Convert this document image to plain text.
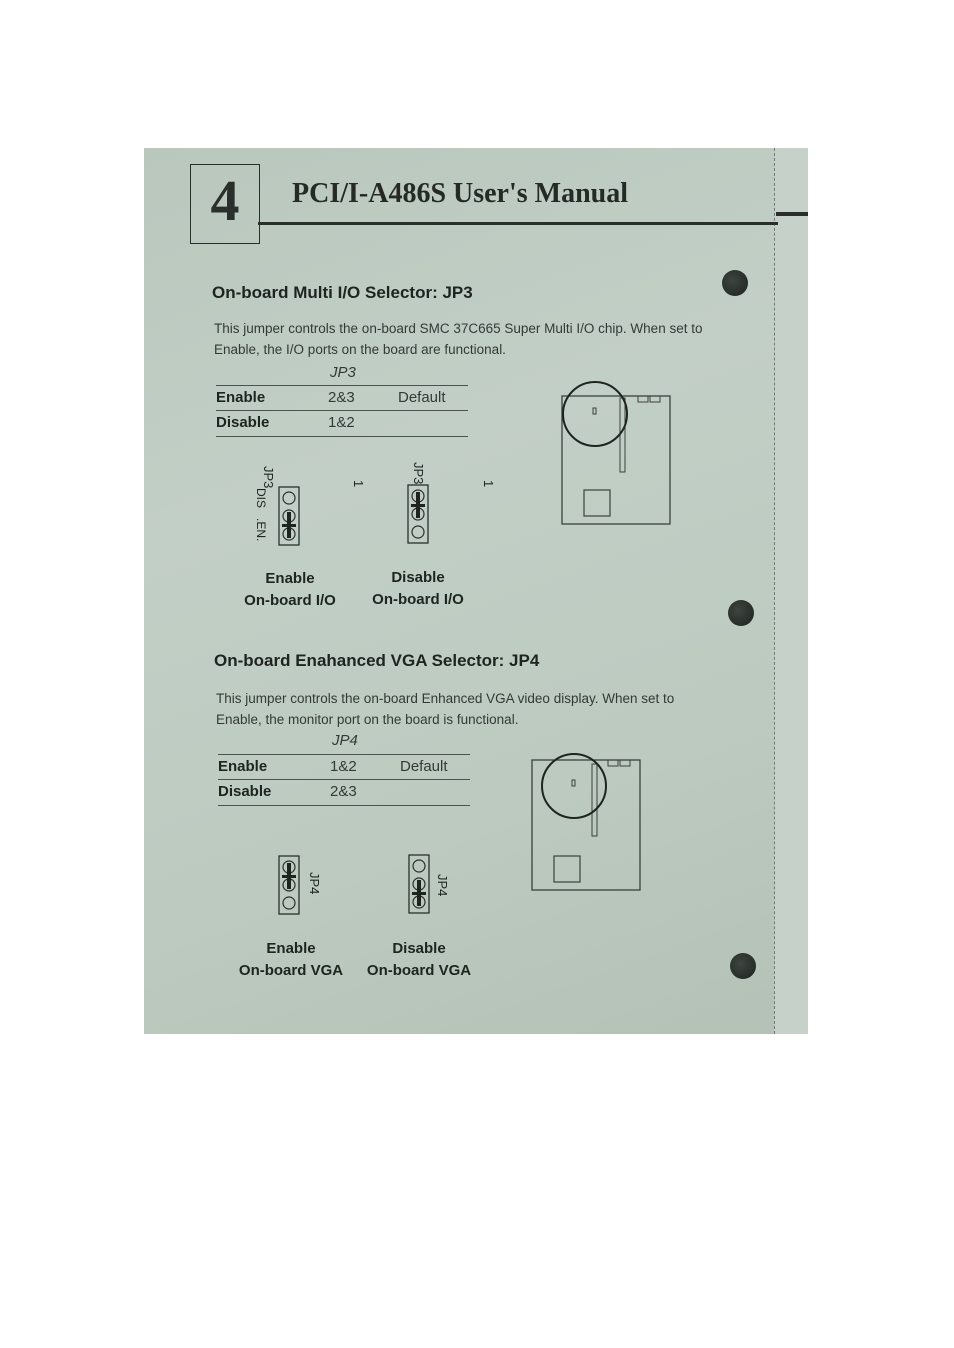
4	PCI/I-A486S User's Manual
On-board Multi I/O Selector: JP3
This jumper controls the on-board SMC 37C665 Super Multi I/O chip. When set to Enable, the I/O ports on the board are functional.
JP3
Enable	2&3	Default
Disable	1&2
JP3
DIS
.EN.
1	JP3	1
Enable
On-board I/O
Disable
On-board I/O
On-board Enahanced VGA Selector: JP4
This jumper controls the on-board Enhanced VGA video display. When set to Enable, the monitor port on the board is functional.
JP4
Enable	1&2	Default
Disable	2&3
JP4	JP4
Enable
On-board VGA
Disable
On-board VGA
